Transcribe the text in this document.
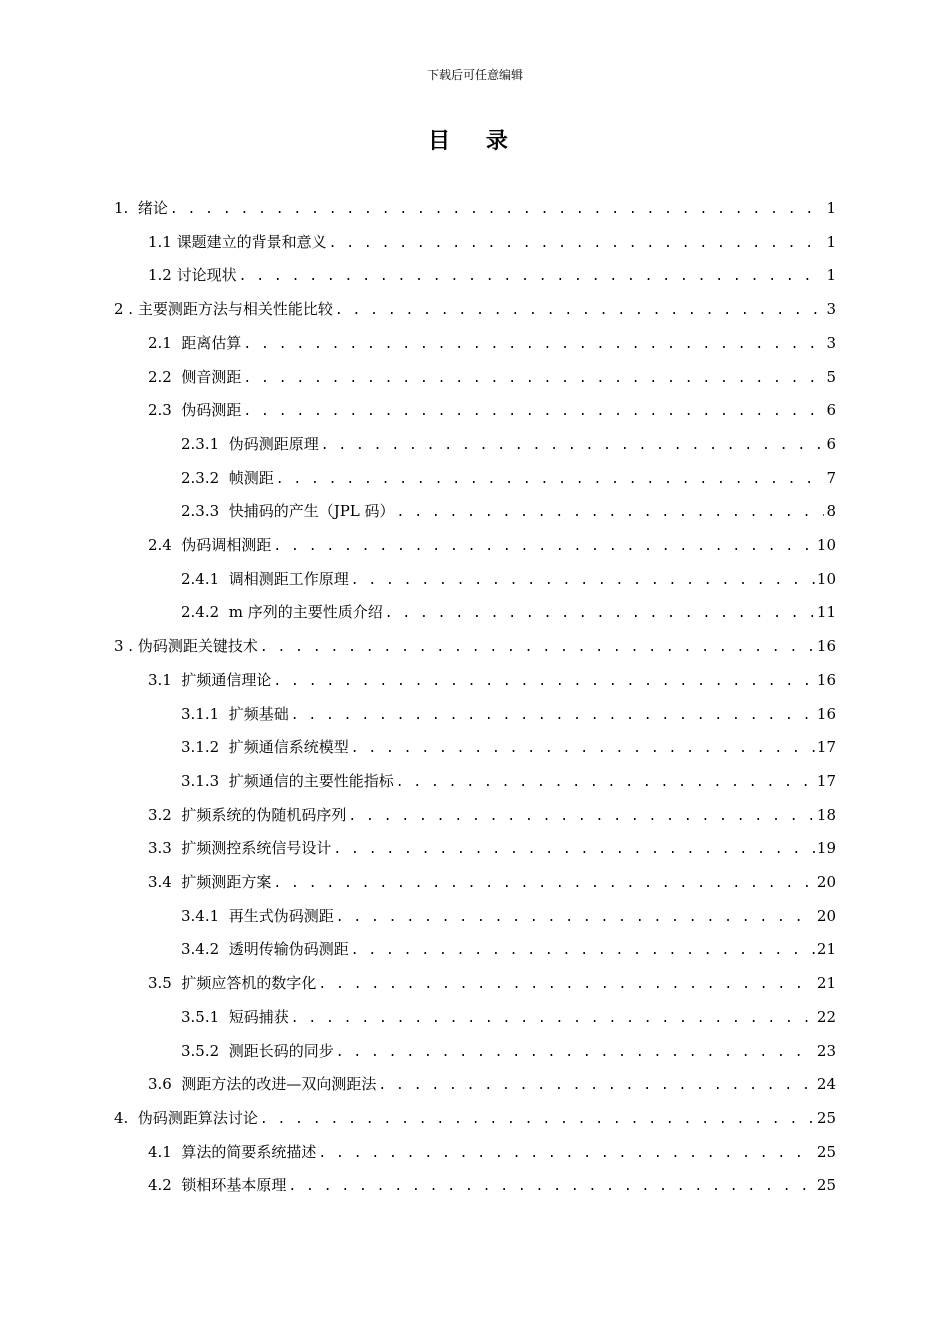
下载后可任意编辑
目 录
1.  绪论 . . .	1
1.1 课题建立的背景和意义 . . .	1
1.2 讨论现状 . . .	1
2 . 主要测距方法与相关性能比较 . . .	3
2.1  距离估算 . . .	3
2.2  侧音测距 . . .	5
2.3  伪码测距 . . .	6
2.3.1  伪码测距原理 . . .	6
2.3.2  帧测距 . . .	7
2.3.3  快捕码的产生（JPL 码） . . .	8
2.4  伪码调相测距 . . .	10
2.4.1  调相测距工作原理 . . .	10
2.4.2  m 序列的主要性质介绍 . . .	11
3 . 伪码测距关键技术 . . .	16
3.1  扩频通信理论 . . .	16
3.1.1  扩频基础 . . .	16
3.1.2  扩频通信系统模型 . . .	17
3.1.3  扩频通信的主要性能指标 . . .	17
3.2  扩频系统的伪随机码序列 . . .	18
3.3  扩频测控系统信号设计 . . .	19
3.4  扩频测距方案 . . .	20
3.4.1  再生式伪码测距 . . .	20
3.4.2  透明传输伪码测距 . . .	21
3.5  扩频应答机的数字化 . . .	21
3.5.1  短码捕获 . . .	22
3.5.2  测距长码的同步 . . .	23
3.6  测距方法的改进—双向测距法 . . .	24
4.  伪码测距算法讨论 . . .	25
4.1  算法的简要系统描述 . . .	25
4.2  锁相环基本原理 . . .	25
